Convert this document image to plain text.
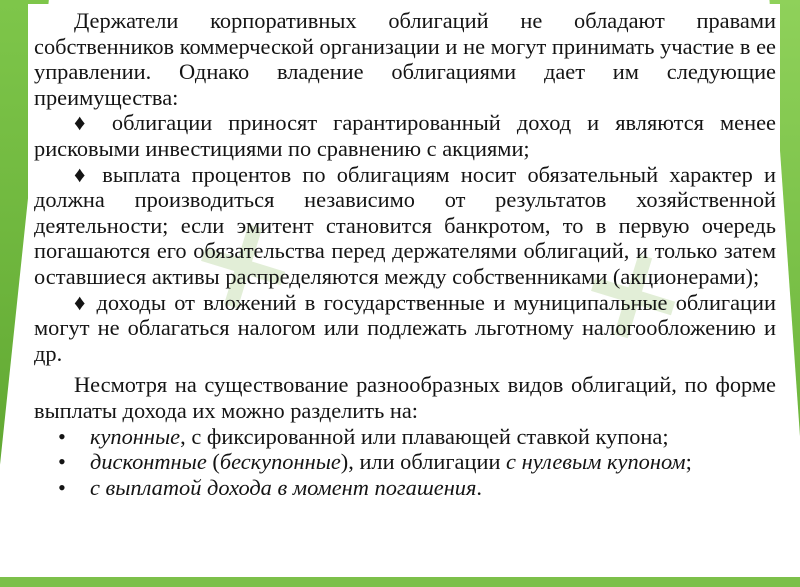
✕ ✕

Держатели корпоративных облигаций не обладают правами собственников коммерческой организации и не могут принимать участие в ее управлении. Однако владение облигациями дает им следующие преимущества:

♦ облигации приносят гарантированный доход и являются менее рисковыми инвестициями по сравнению с акциями;

♦ выплата процентов по облигациям носит обязательный характер и должна производиться независимо от результатов хозяйственной деятельности; если эмитент становится банкротом, то в первую очередь погашаются его обязательства перед держателями облигаций, и только затем оставшиеся активы распределяются между собственниками (акционерами);

♦ доходы от вложений в государственные и муниципальные облигации могут не облагаться налогом или подлежать льготному налогообложению и др.

Несмотря на существование разнообразных видов облигаций, по форме выплаты дохода их можно разделить на:

• купонные, с фиксированной или плавающей ставкой купона;
• дисконтные (бескупонные), или облигации с нулевым купоном;
• с выплатой дохода в момент погашения.
